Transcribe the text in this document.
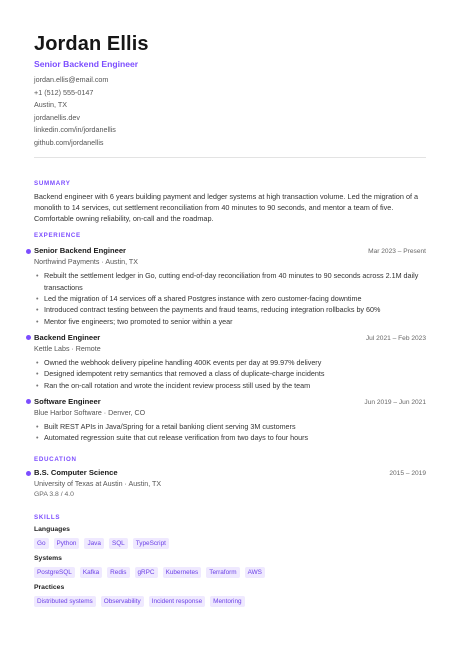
Jordan Ellis
Senior Backend Engineer
jordan.ellis@email.com
+1 (512) 555-0147
Austin, TX
jordanellis.dev
linkedin.com/in/jordanellis
github.com/jordanellis
SUMMARY

Backend engineer with 6 years building payment and ledger systems at high transaction volume. Led the migration of a monolith to 14 services, cut settlement reconciliation from 40 minutes to 90 seconds, and mentor a team of five. Comfortable owning reliability, on-call and the roadmap.

EXPERIENCE
Senior Backend Engineer	Mar 2023 – Present
Northwind Payments · Austin, TX
• Rebuilt the settlement ledger in Go, cutting end-of-day reconciliation from 40 minutes to 90 seconds across 2.1M daily transactions
• Led the migration of 14 services off a shared Postgres instance with zero customer-facing downtime
• Introduced contract testing between the payments and fraud teams, reducing integration rollbacks by 60%
• Mentor five engineers; two promoted to senior within a year
Backend Engineer	Jul 2021 – Feb 2023
Kettle Labs · Remote
• Owned the webhook delivery pipeline handling 400K events per day at 99.97% delivery
• Designed idempotent retry semantics that removed a class of duplicate-charge incidents
• Ran the on-call rotation and wrote the incident review process still used by the team
Software Engineer	Jun 2019 – Jun 2021
Blue Harbor Software · Denver, CO
• Built REST APIs in Java/Spring for a retail banking client serving 3M customers
• Automated regression suite that cut release verification from two days to four hours
EDUCATION
B.S. Computer Science	2015 – 2019
University of Texas at Austin · Austin, TX
GPA 3.8 / 4.0
SKILLS
Languages
Go	Python	Java	SQL	TypeScript
Systems
PostgreSQL	Kafka	Redis	gRPC	Kubernetes	Terraform	AWS
Practices
Distributed systems	Observability	Incident response	Mentoring
